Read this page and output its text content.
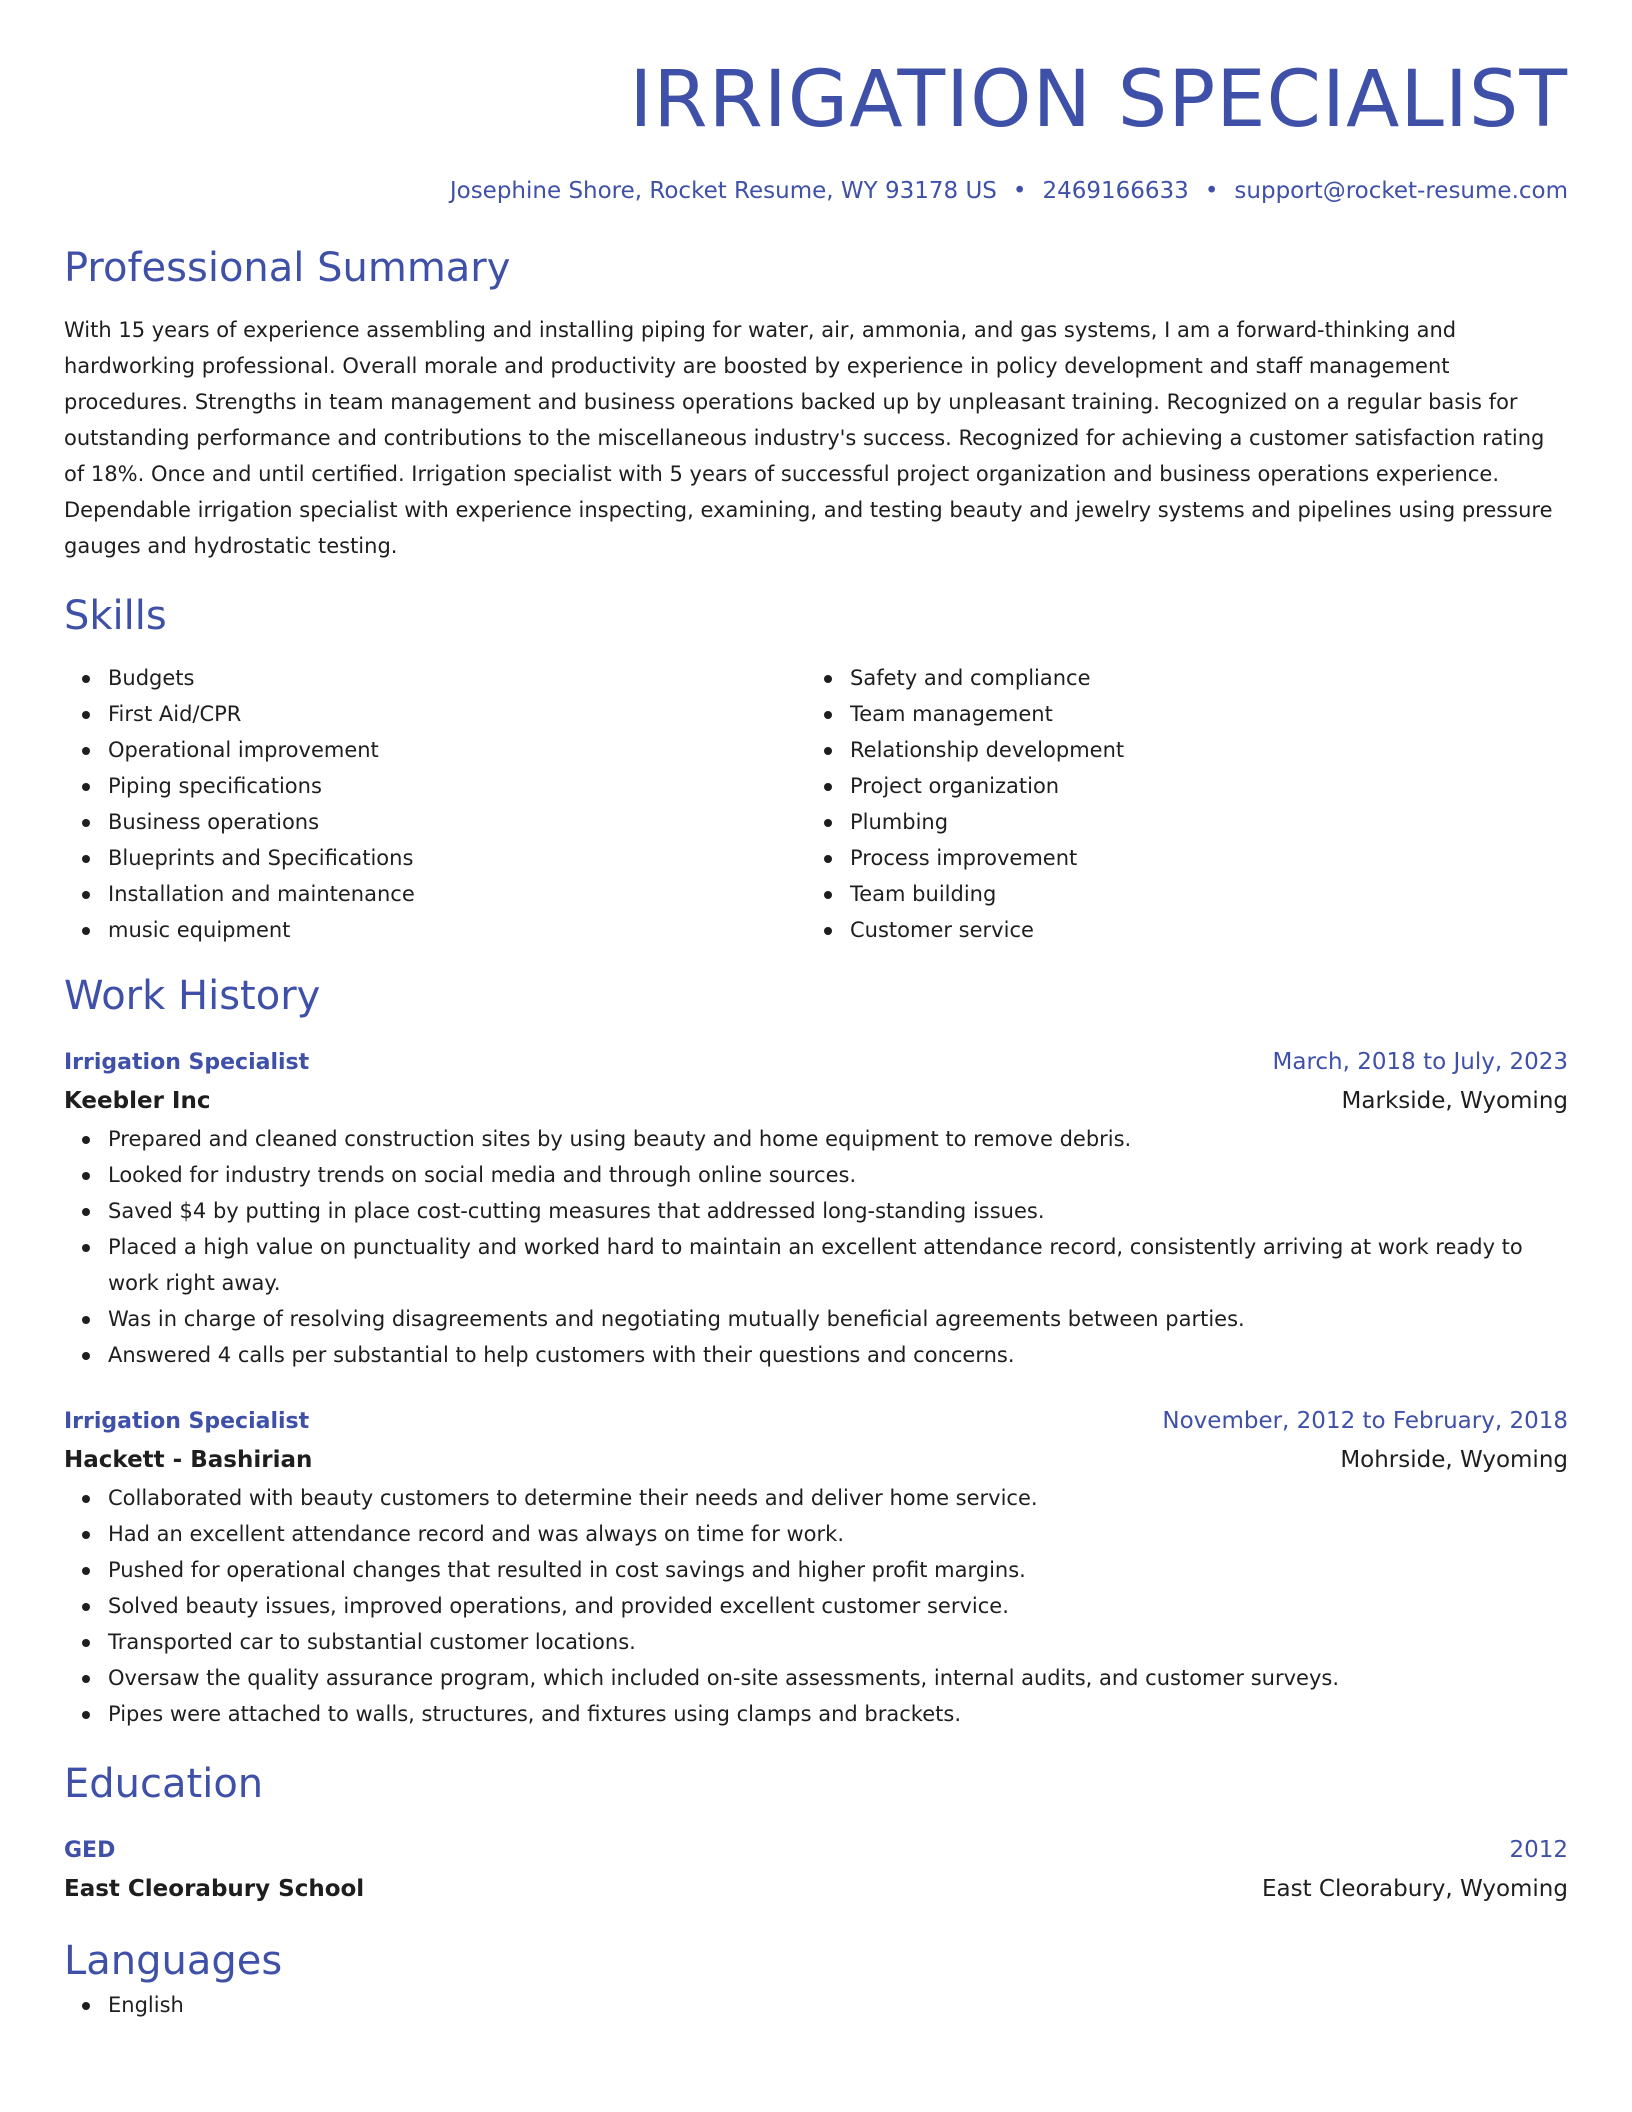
IRRIGATION SPECIALIST
Josephine Shore, Rocket Resume, WY 93178 US • 2469166633 • support@rocket-resume.com
Professional Summary

With 15 years of experience assembling and installing piping for water, air, ammonia, and gas systems, I am a forward-thinking and hardworking professional. Overall morale and productivity are boosted by experience in policy development and staff management procedures. Strengths in team management and business operations backed up by unpleasant training. Recognized on a regular basis for outstanding performance and contributions to the miscellaneous industry's success. Recognized for achieving a customer satisfaction rating of 18%. Once and until certified. Irrigation specialist with 5 years of successful project organization and business operations experience. Dependable irrigation specialist with experience inspecting, examining, and testing beauty and jewelry systems and pipelines using pressure gauges and hydrostatic testing.

Skills
Budgets
First Aid/CPR
Operational improvement
Piping specifications
Business operations
Blueprints and Specifications
Installation and maintenance
music equipment
Safety and compliance
Team management
Relationship development
Project organization
Plumbing
Process improvement
Team building
Customer service
Work History
Irrigation Specialist	March, 2018 to July, 2023
Keebler Inc	Markside, Wyoming
Prepared and cleaned construction sites by using beauty and home equipment to remove debris.
Looked for industry trends on social media and through online sources.
Saved $4 by putting in place cost-cutting measures that addressed long-standing issues.
Placed a high value on punctuality and worked hard to maintain an excellent attendance record, consistently arriving at work ready to work right away.
Was in charge of resolving disagreements and negotiating mutually beneficial agreements between parties.
Answered 4 calls per substantial to help customers with their questions and concerns.
Irrigation Specialist	November, 2012 to February, 2018
Hackett - Bashirian	Mohrside, Wyoming
Collaborated with beauty customers to determine their needs and deliver home service.
Had an excellent attendance record and was always on time for work.
Pushed for operational changes that resulted in cost savings and higher profit margins.
Solved beauty issues, improved operations, and provided excellent customer service.
Transported car to substantial customer locations.
Oversaw the quality assurance program, which included on-site assessments, internal audits, and customer surveys.
Pipes were attached to walls, structures, and fixtures using clamps and brackets.
Education
GED	2012
East Cleorabury School	East Cleorabury, Wyoming
Languages
English
